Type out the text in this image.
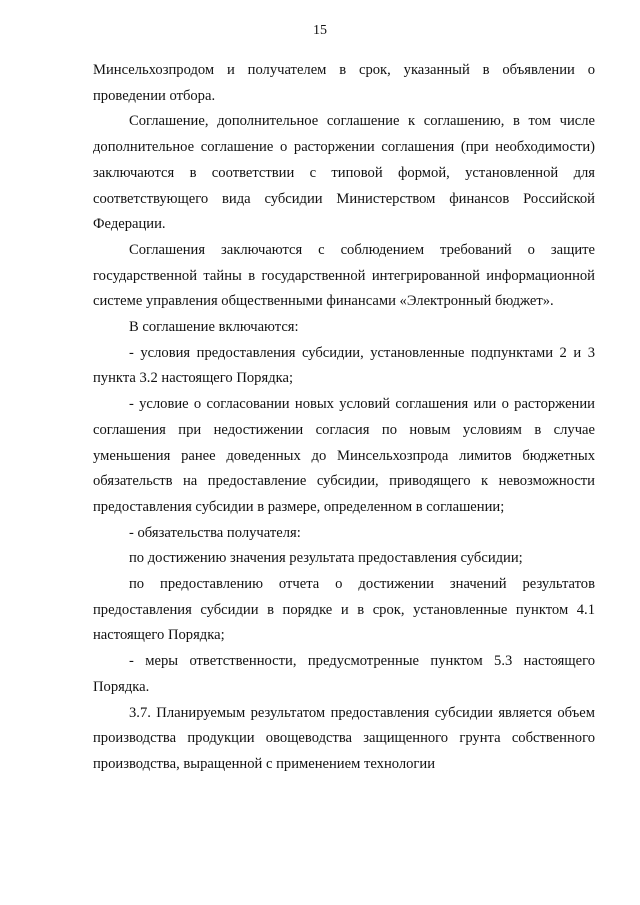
15

Минсельхозпродом и получателем в срок, указанный в объявлении о проведении отбора.

Соглашение, дополнительное соглашение к соглашению, в том числе дополнительное соглашение о расторжении соглашения (при необходимости) заключаются в соответствии с типовой формой, установленной для соответствующего вида субсидии Министерством финансов Российской Федерации.

Соглашения заключаются с соблюдением требований о защите государственной тайны в государственной интегрированной информационной системе управления общественными финансами «Электронный бюджет».

В соглашение включаются:

- условия предоставления субсидии, установленные подпунктами 2 и 3 пункта 3.2 настоящего Порядка;

- условие о согласовании новых условий соглашения или о расторжении соглашения при недостижении согласия по новым условиям в случае уменьшения ранее доведенных до Минсельхозпрода лимитов бюджетных обязательств на предоставление субсидии, приводящего к невозможности предоставления субсидии в размере, определенном в соглашении;

- обязательства получателя:

по достижению значения результата предоставления субсидии;

по предоставлению отчета о достижении значений результатов предоставления субсидии в порядке и в срок, установленные пунктом 4.1 настоящего Порядка;

- меры ответственности, предусмотренные пунктом 5.3 настоящего Порядка.

3.7. Планируемым результатом предоставления субсидии является объем производства продукции овощеводства защищенного грунта собственного производства, выращенной с применением технологии
